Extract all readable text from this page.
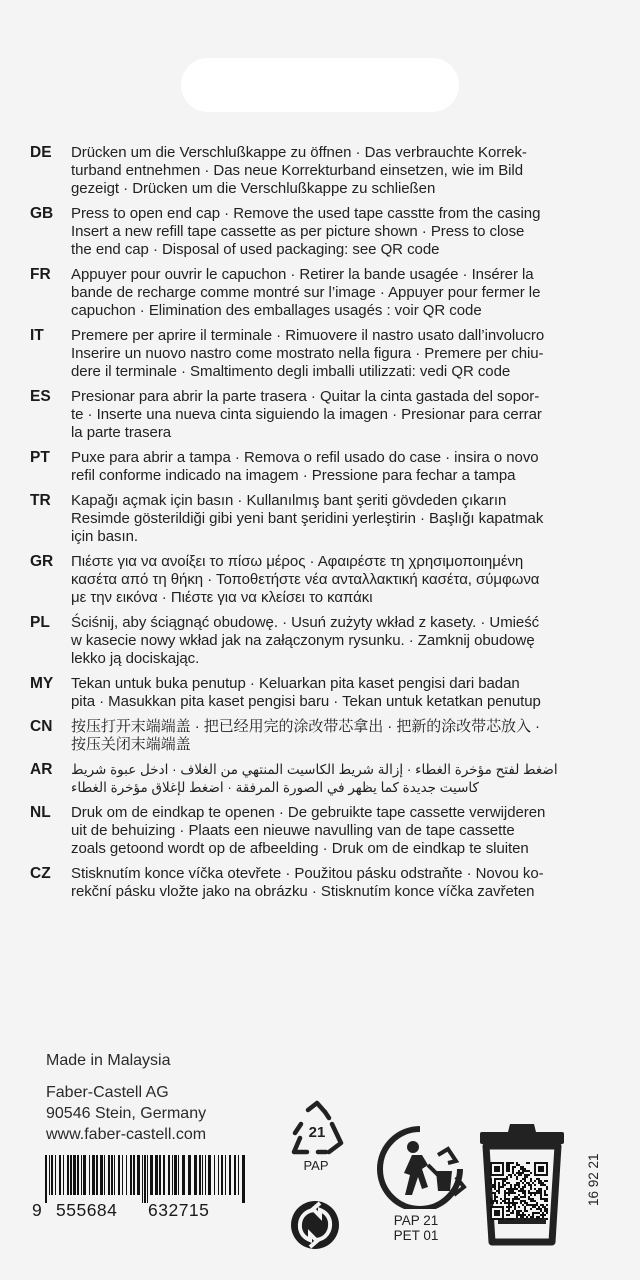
DE	Drücken um die Verschlußkappe zu öffnen · Das verbrauchte Korrek-
turband entnehmen · Das neue Korrekturband einsetzen, wie im Bild
gezeigt · Drücken um die Verschlußkappe zu schließen
GB	Press to open end cap · Remove the used tape casstte from the casing
Insert a new refill tape cassette as per picture shown · Press to close
the end cap · Disposal of used packaging: see QR code
FR	Appuyer pour ouvrir le capuchon · Retirer la bande usagée · Insérer la
bande de recharge comme montré sur l’image · Appuyer pour fermer le
capuchon · Elimination des emballages usagés : voir QR code
IT	Premere per aprire il terminale · Rimuovere il nastro usato dall’involucro
Inserire un nuovo nastro come mostrato nella figura · Premere per chiu-
dere il terminale · Smaltimento degli imballi utilizzati: vedi QR code
ES	Presionar para abrir la parte trasera · Quitar la cinta gastada del sopor-
te · Inserte una nueva cinta siguiendo la imagen · Presionar para cerrar
la parte trasera
PT	Puxe para abrir a tampa · Remova o refil usado do case · insira o novo
refil conforme indicado na imagem · Pressione para fechar a tampa
TR	Kapağı açmak için basın · Kullanılmış bant şeriti gövdeden çıkarın
Resimde gösterildiği gibi yeni bant şeridini yerleştirin · Başlığı kapatmak
için basın.
GR	Πιέστε για να ανοίξει το πίσω μέρος · Αφαιρέστε τη χρησιμοποιημένη
κασέτα από τη θήκη · Τοποθετήστε νέα ανταλλακτική κασέτα, σύμφωνα
με την εικόνα · Πιέστε για να κλείσει το καπάκι
PL	Ściśnij, aby ściągnąć obudowę. · Usuń zużyty wkład z kasety. · Umieść
w kasecie nowy wkład jak na załączonym rysunku. · Zamknij obudowę
lekko ją dociskając.
MY	Tekan untuk buka penutup · Keluarkan pita kaset pengisi dari badan
pita · Masukkan pita kaset pengisi baru · Tekan untuk ketatkan penutup
CN	按压打开末端端盖 · 把已经用完的涂改带芯拿出 · 把新的涂改带芯放入 ·
按压关闭末端端盖
AR	اضغط لفتح مؤخرة الغطاء · إزالة شريط الكاسيت المنتهي من الغلاف · ادخل عبوة شريط
كاسيت جديدة كما يظهر في الصورة المرفقة · اضغط لإغلاق مؤخرة الغطاء
NL	Druk om de eindkap te openen · De gebruikte tape cassette verwijderen
uit de behuizing · Plaats een nieuwe navulling van de tape cassette
zoals getoond wordt op de afbeelding · Druk om de eindkap te sluiten
CZ	Stisknutím konce víčka otevřete · Použitou pásku odstraňte · Novou ko-
rekční pásku vložte jako na obrázku · Stisknutím konce víčka zavřeten
Made in Malaysia
Faber-Castell AG
90546 Stein, Germany
www.faber-castell.com
9 555684 632715
21
PAP
PAP 21
PET 01
16 92 21
